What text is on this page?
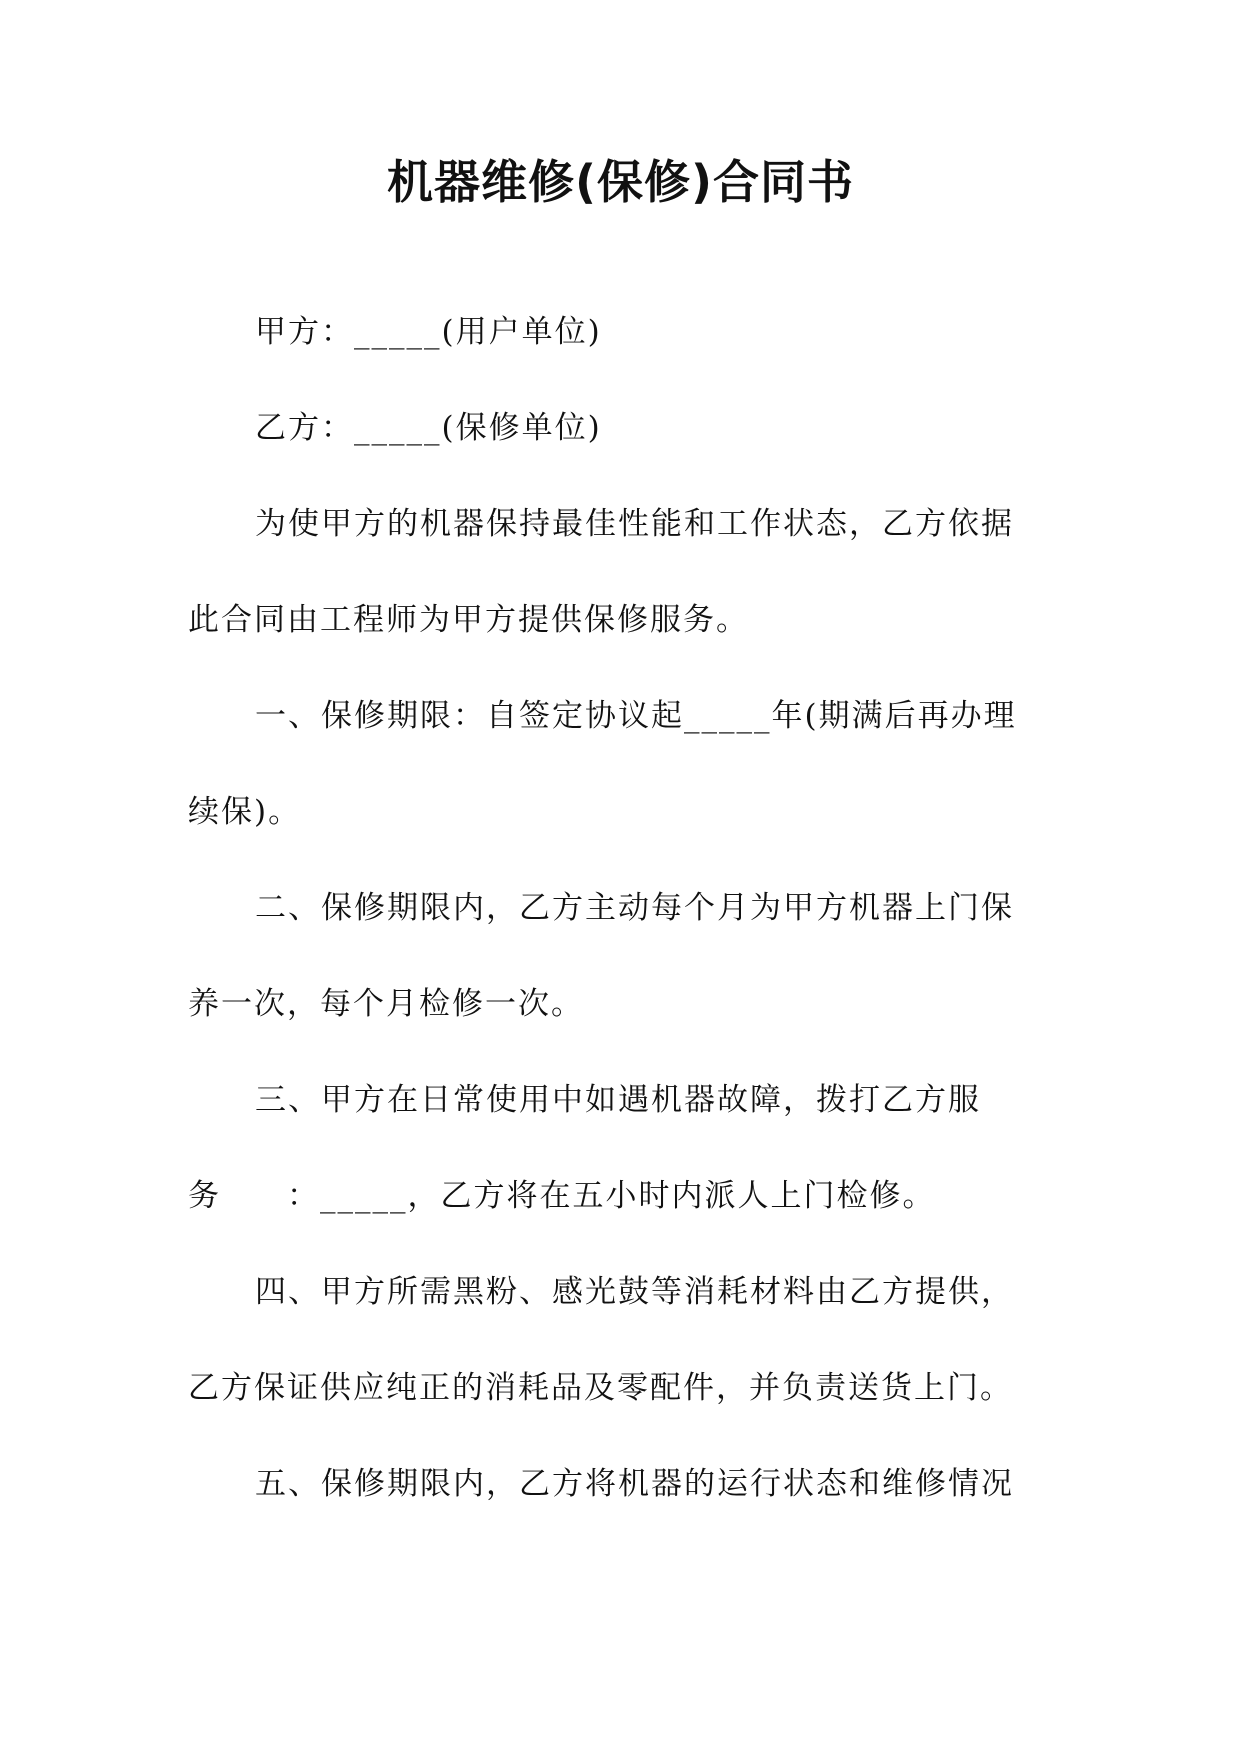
机器维修(保修)合同书
甲方：_____(用户单位)
乙方：_____(保修单位)
为使甲方的机器保持最佳性能和工作状态，乙方依据
此合同由工程师为甲方提供保修服务。
一、保修期限：自签定协议起_____年(期满后再办理
续保)。
二、保修期限内，乙方主动每个月为甲方机器上门保
养一次，每个月检修一次。
三、甲方在日常使用中如遇机器故障，拨打乙方服
务　　：_____，乙方将在五小时内派人上门检修。
四、甲方所需黑粉、感光鼓等消耗材料由乙方提供，
乙方保证供应纯正的消耗品及零配件，并负责送货上门。
五、保修期限内，乙方将机器的运行状态和维修情况
